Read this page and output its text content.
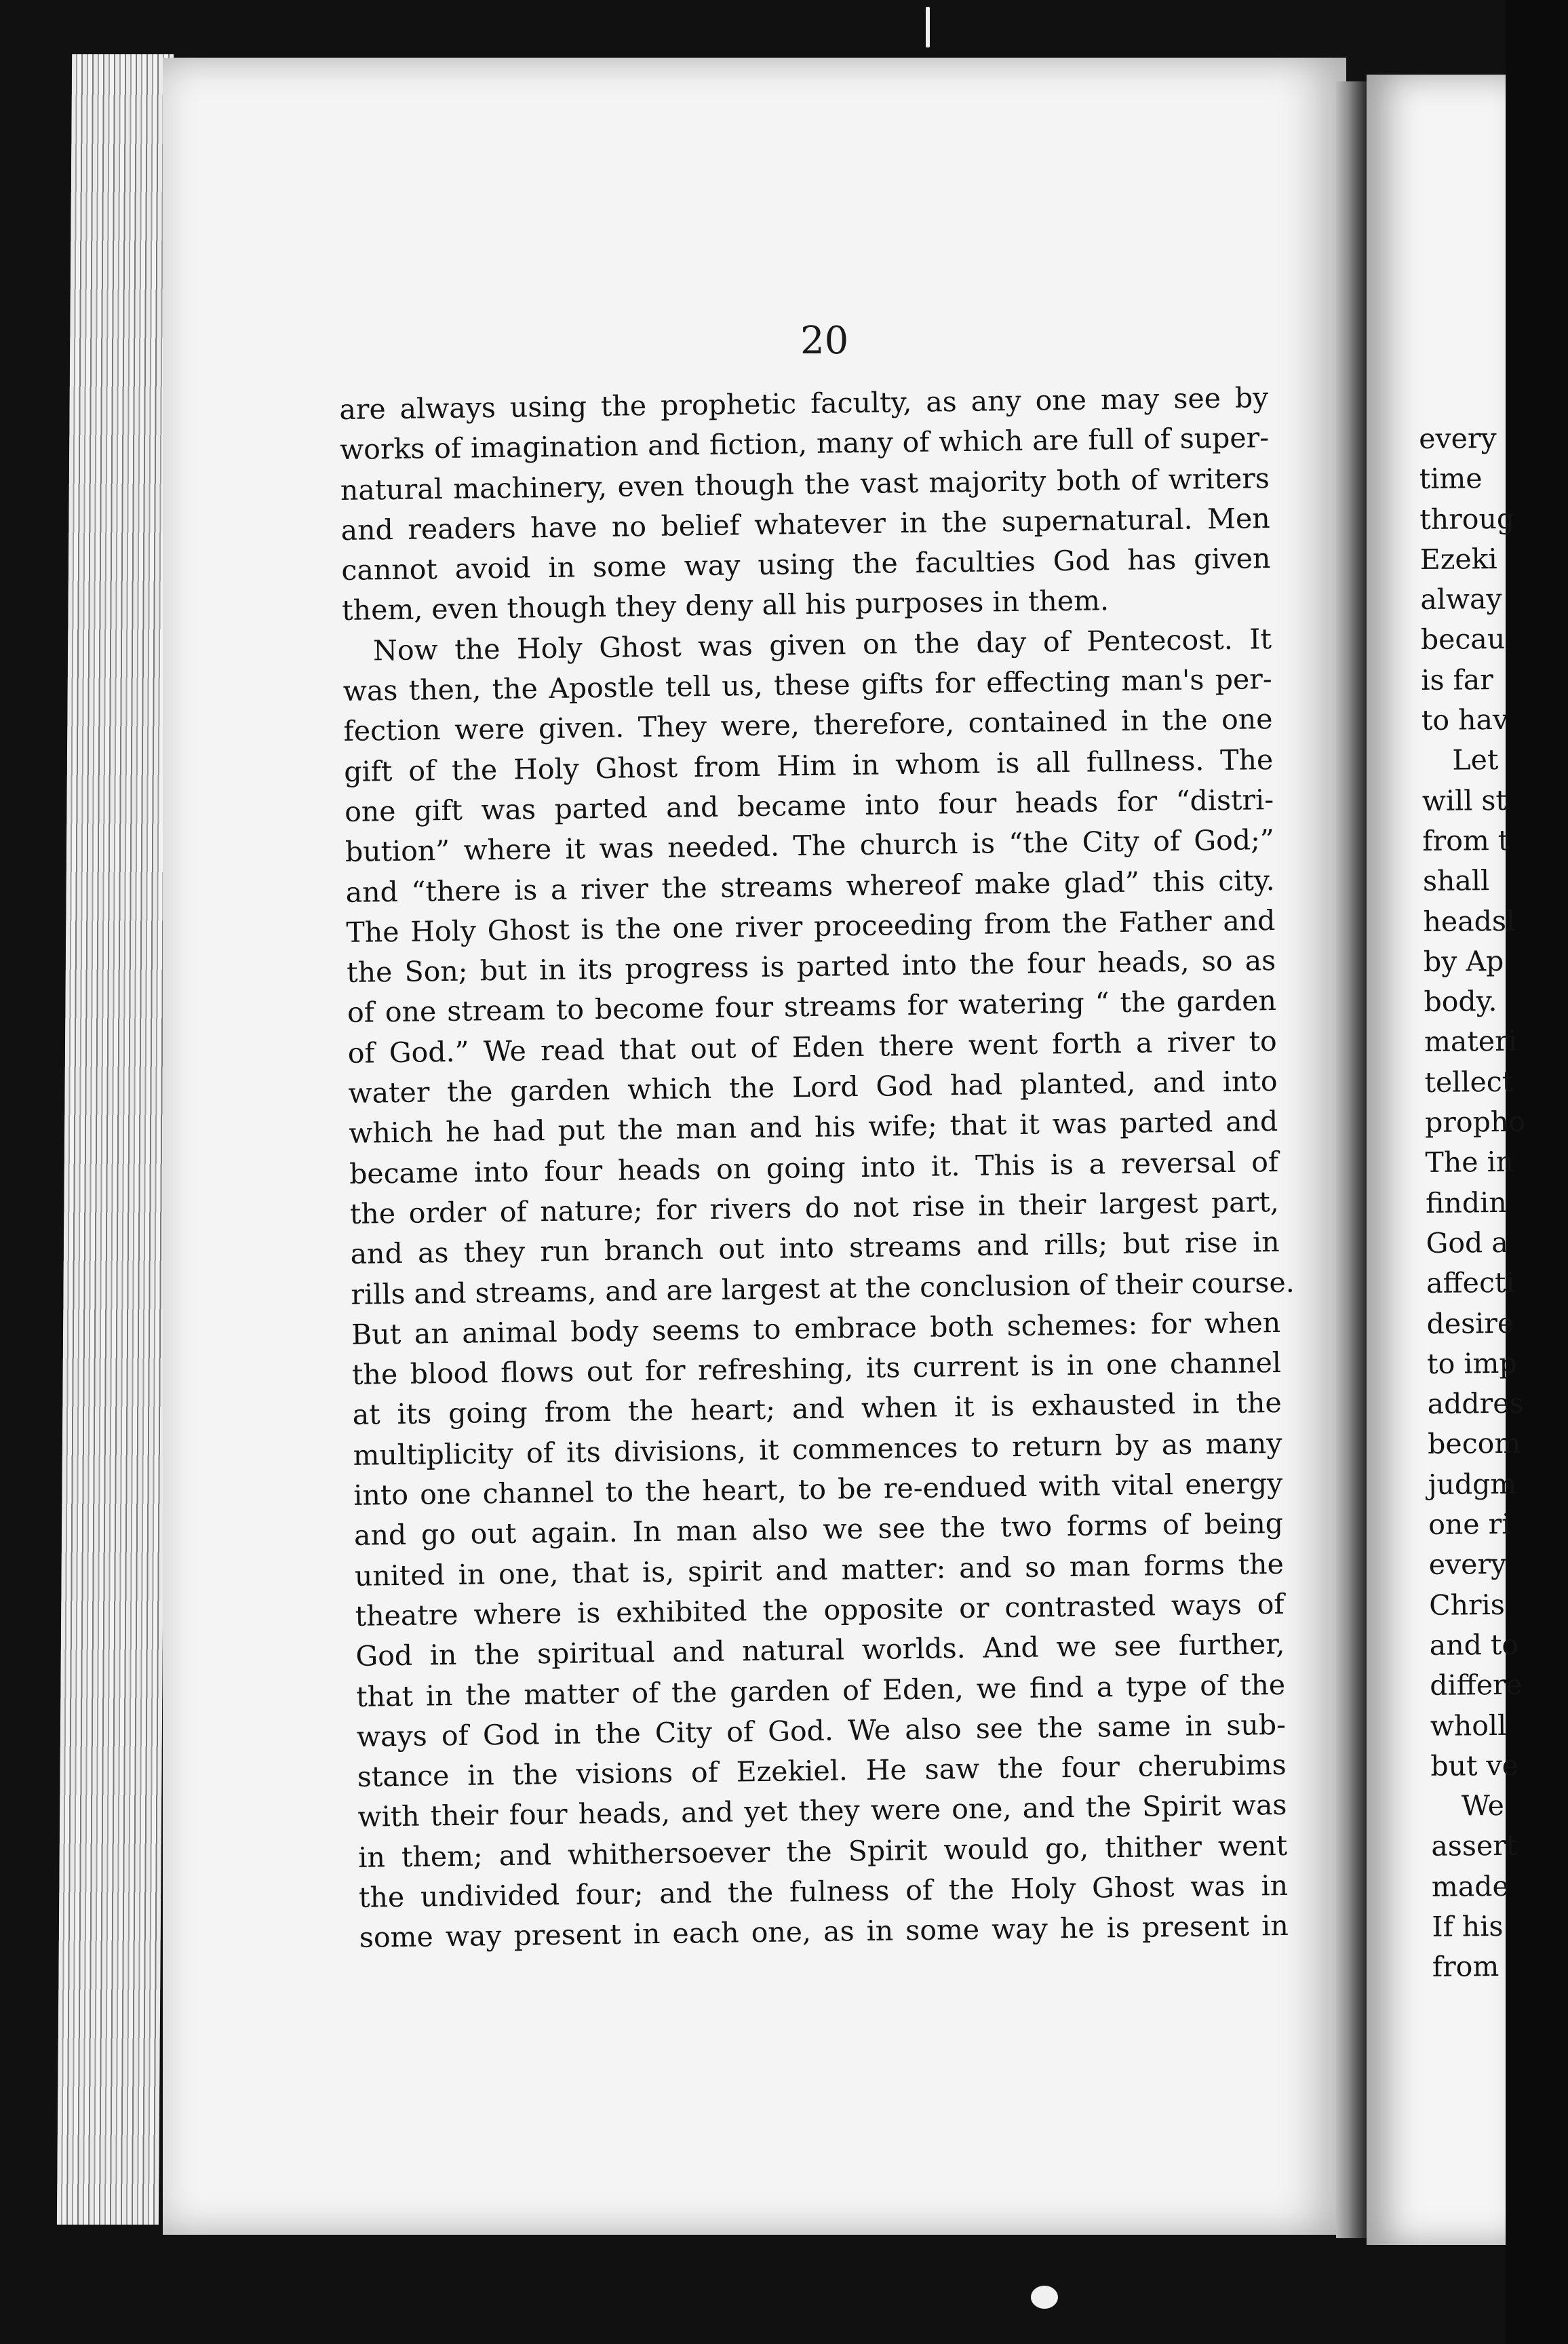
20
are always using the prophetic faculty, as any one may see by
works of imagination and fiction, many of which are full of super-
natural machinery, even though the vast majority both of writers
and readers have no belief whatever in the supernatural. Men
cannot avoid in some way using the faculties God has given
them, even though they deny all his purposes in them.
Now the Holy Ghost was given on the day of Pentecost. It
was then, the Apostle tell us, these gifts for effecting man's per-
fection were given. They were, therefore, contained in the one
gift of the Holy Ghost from Him in whom is all fullness. The
one gift was parted and became into four heads for “distri-
bution” where it was needed. The church is “the City of God;”
and “there is a river the streams whereof make glad” this city.
The Holy Ghost is the one river proceeding from the Father and
the Son; but in its progress is parted into the four heads, so as
of one stream to become four streams for watering “ the garden
of God.” We read that out of Eden there went forth a river to
water the garden which the Lord God had planted, and into
which he had put the man and his wife; that it was parted and
became into four heads on going into it. This is a reversal of
the order of nature; for rivers do not rise in their largest part,
and as they run branch out into streams and rills; but rise in
rills and streams, and are largest at the conclusion of their course.
But an animal body seems to embrace both schemes: for when
the blood flows out for refreshing, its current is in one channel
at its going from the heart; and when it is exhausted in the
multiplicity of its divisions, it commences to return by as many
into one channel to the heart, to be re-endued with vital energy
and go out again. In man also we see the two forms of being
united in one, that is, spirit and matter: and so man forms the
theatre where is exhibited the opposite or contrasted ways of
God in the spiritual and natural worlds. And we see further,
that in the matter of the garden of Eden, we find a type of the
ways of God in the City of God. We also see the same in sub-
stance in the visions of Ezekiel. He saw the four cherubims
with their four heads, and yet they were one, and the Spirit was
in them; and whithersoever the Spirit would go, thither went
the undivided four; and the fulness of the Holy Ghost was in
some way present in each one, as in some way he is present in
every
time
throug
Ezeki
alway
becau
is far
to hav
Let
will st
from t
shall
headsl
by Ap
body.
materi
tellect
propho
The in
findin
God a
affecti
desire
to imp
addres
becom
judgm
one ri
every
Chris
and to
differe
wholl
but ve
We
assert
made
If his
from
